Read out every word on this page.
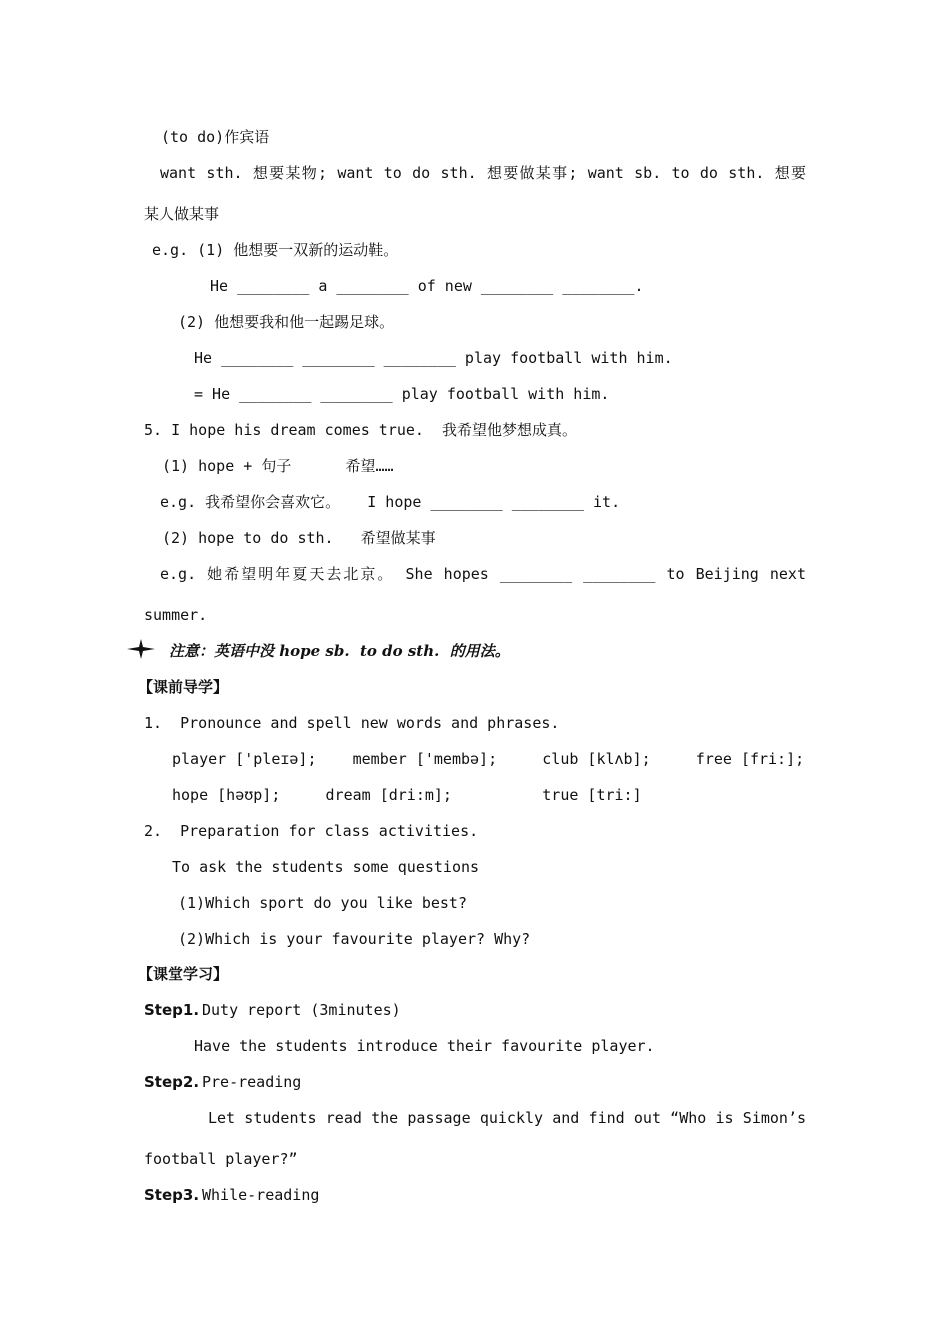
(to do)作宾语
want sth. 想要某物; want to do sth. 想要做某事; want sb. to do sth. 想要
某人做某事
e.g. (1) 他想要一双新的运动鞋。
He ________ a ________ of new ________ ________.
(2) 他想要我和他一起踢足球。
He ________ ________ ________ play football with him.
= He ________ ________ play football with him.
5. I hope his dream comes true.  我希望他梦想成真。
(1) hope + 句子      希望……
e.g. 我希望你会喜欢它。   I hope ________ ________ it.
(2) hope to do sth.   希望做某事
e.g. 她希望明年夏天去北京。 She hopes ________ ________ to Beijing next
summer.
注意：英语中没 hope sb.  to do sth.  的用法。
【课前导学】
1.  Pronounce and spell new words and phrases.
player ['pleɪə];    member ['membə];     club [klʌb];     free [fri:];
hope [həʊp];     dream [dri:m];          true [tri:]
2.  Preparation for class activities.
To ask the students some questions
(1)Which sport do you like best?
(2)Which is your favourite player? Why?
【课堂学习】
Step1. Duty report (3minutes)
Have the students introduce their favourite player.
Step2. Pre-reading
Let students read the passage quickly and find out “Who is Simon’s
football player?”
Step3. While-reading
